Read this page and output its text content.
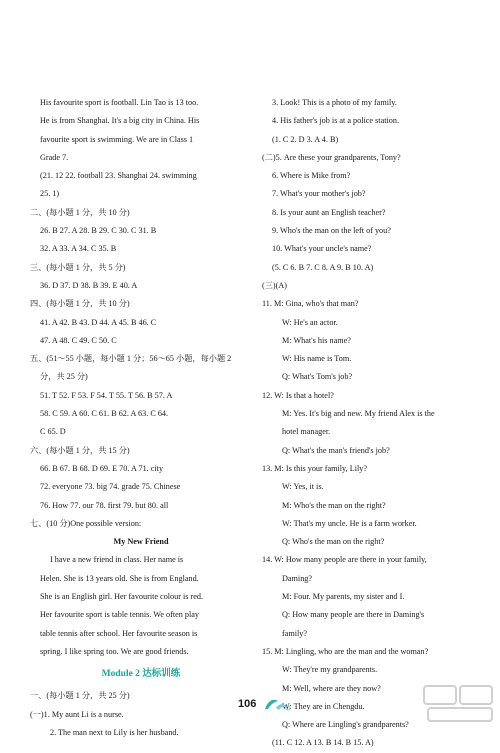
His favourite sport is football. Lin Tao is 13 too.
He is from Shanghai. It's a big city in China. His
favourite sport is swimming. We are in Class 1
Grade 7.
(21. 12 22. football 23. Shanghai 24. swimming
25. 1)
二、(每小题 1 分，共 10 分)
26. B 27. A 28. B 29. C 30. C 31. B
32. A 33. A 34. C 35. B
三、(每小题 1 分，共 5 分)
36. D 37. D 38. B 39. E 40. A
四、(每小题 1 分，共 10 分)
41. A 42. B 43. D 44. A 45. B 46. C
47. A 48. C 49. C 50. C
五、(51～55 小题，每小题 1 分；56～65 小题，每小题 2
分，共 25 分)
51. T 52. F 53. F 54. T 55. T 56. B 57. A
58. C 59. A 60. C 61. B 62. A 63. C 64.
C 65. D
六、(每小题 1 分，共 15 分)
66. B 67. B 68. D 69. E 70. A 71. city
72. everyone 73. big 74. grade 75. Chinese
76. How 77. our 78. first 79. but 80. all
七、(10 分)One possible version:
My New Friend
I have a new friend in class. Her name is
Helen. She is 13 years old. She is from England.
She is an English girl. Her favourite colour is red.
Her favourite sport is table tennis. We often play
table tennis after school. Her favourite season is
spring. I like spring too. We are good friends.
Module 2 达标训练
一、(每小题 1 分，共 25 分)
(一)1. My aunt Li is a nurse.
2. The man next to Lily is her husband.
3. Look! This is a photo of my family.
4. His father's job is at a police station.
(1. C 2. D 3. A 4. B)
(二)5. Are these your grandparents, Tony?
6. Where is Mike from?
7. What's your mother's job?
8. Is your aunt an English teacher?
9. Who's the man on the left of you?
10. What's your uncle's name?
(5. C 6. B 7. C 8. A 9. B 10. A)
(三)(A)
11. M: Gina, who's that man?
W: He's an actor.
M: What's his name?
W: His name is Tom.
Q: What's Tom's job?
12. W: Is that a hotel?
M: Yes. It's big and new. My friend Alex is the
hotel manager.
Q: What's the man's friend's job?
13. M: Is this your family, Lily?
W: Yes, it is.
M: Who's the man on the right?
W: That's my uncle. He is a farm worker.
Q: Who's the man on the right?
14. W: How many people are there in your family,
Daming?
M: Four. My parents, my sister and I.
Q: How many people are there in Daming's
family?
15. M: Lingling, who are the man and the woman?
W: They're my grandparents.
M: Well, where are they now?
W: They are in Chengdu.
Q: Where are Lingling's grandparents?
(11. C 12. A 13. B 14. B 15. A)
106
